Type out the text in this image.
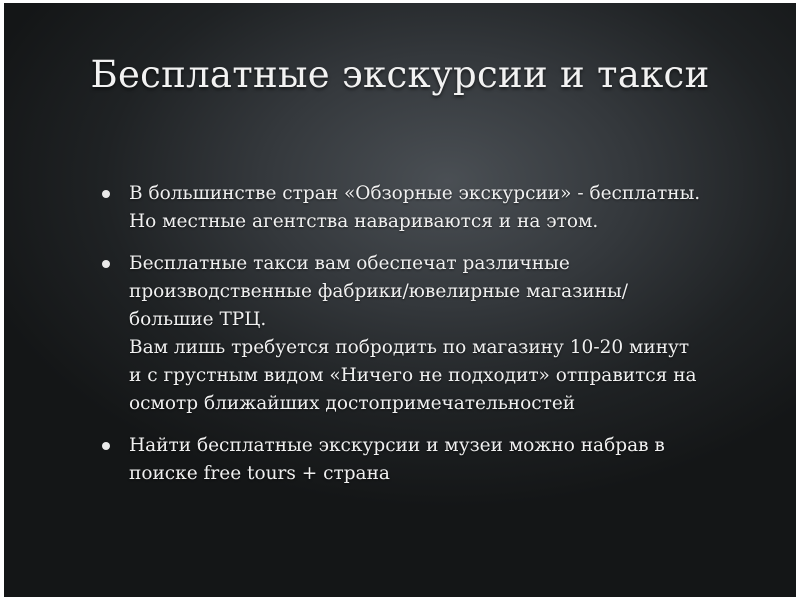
Бесплатные экскурсии и такси
В большинстве стран «Обзорные экскурсии» - бесплатны.
Но местные агентства навариваются и на этом.
Бесплатные такси вам обеспечат различные
производственные фабрики/ювелирные магазины/
большие ТРЦ.
Вам лишь требуется побродить по магазину 10-20 минут
и с грустным видом «Ничего не подходит» отправится на
осмотр ближайших достопримечательностей
Найти бесплатные экскурсии и музеи можно набрав в
поиске free tours + страна
